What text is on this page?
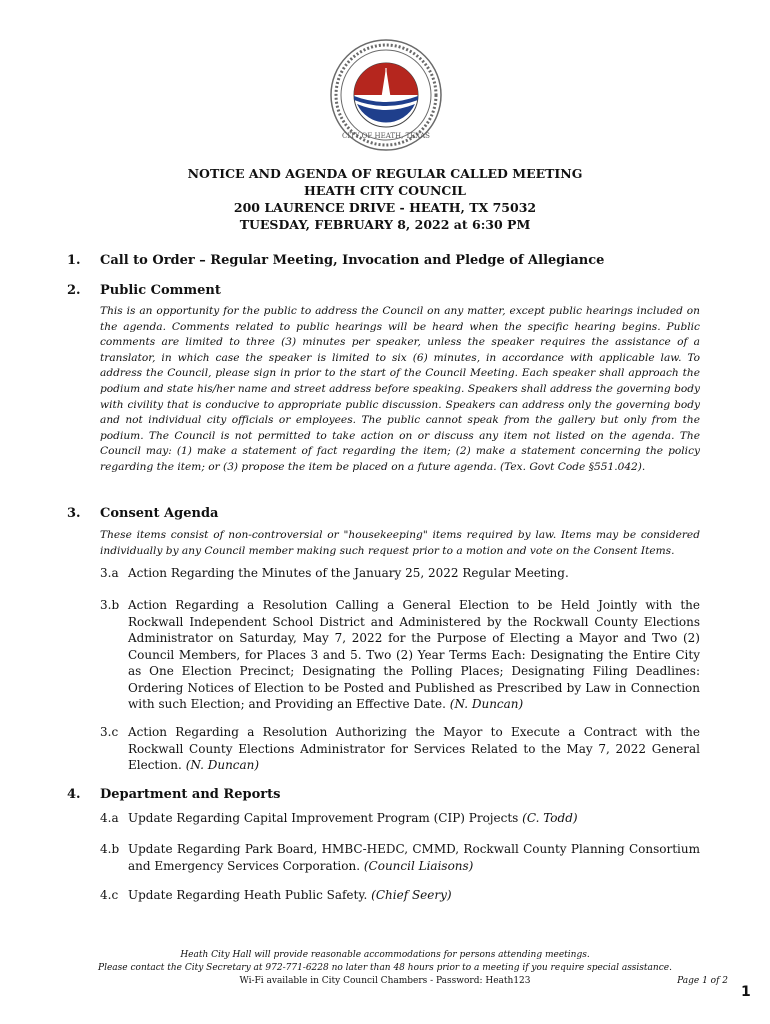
CITY OF HEATH, TEXAS
NOTICE AND AGENDA OF REGULAR CALLED MEETING
HEATH CITY COUNCIL
200 LAURENCE DRIVE - HEATH, TX 75032
TUESDAY, FEBRUARY 8, 2022 at 6:30 PM
1. Call to Order – Regular Meeting, Invocation and Pledge of Allegiance
2. Public Comment
This is an opportunity for the public to address the Council on any matter, except public hearings included on the agenda. Comments related to public hearings will be heard when the specific hearing begins. Public comments are limited to three (3) minutes per speaker, unless the speaker requires the assistance of a translator, in which case the speaker is limited to six (6) minutes, in accordance with applicable law. To address the Council, please sign in prior to the start of the Council Meeting. Each speaker shall approach the podium and state his/her name and street address before speaking. Speakers shall address the governing body with civility that is conducive to appropriate public discussion. Speakers can address only the governing body and not individual city officials or employees. The public cannot speak from the gallery but only from the podium. The Council is not permitted to take action on or discuss any item not listed on the agenda. The Council may: (1) make a statement of fact regarding the item; (2) make a statement concerning the policy regarding the item; or (3) propose the item be placed on a future agenda. (Tex. Govt Code §551.042).
3. Consent Agenda
These items consist of non-controversial or "housekeeping" items required by law. Items may be considered individually by any Council member making such request prior to a motion and vote on the Consent Items.
3.a Action Regarding the Minutes of the January 25, 2022 Regular Meeting.
3.b Action Regarding a Resolution Calling a General Election to be Held Jointly with the Rockwall Independent School District and Administered by the Rockwall County Elections Administrator on Saturday, May 7, 2022 for the Purpose of Electing a Mayor and Two (2) Council Members, for Places 3 and 5. Two (2) Year Terms Each: Designating the Entire City as One Election Precinct; Designating the Polling Places; Designating Filing Deadlines: Ordering Notices of Election to be Posted and Published as Prescribed by Law in Connection with such Election; and Providing an Effective Date. (N. Duncan)
3.c Action Regarding a Resolution Authorizing the Mayor to Execute a Contract with the Rockwall County Elections Administrator for Services Related to the May 7, 2022 General Election. (N. Duncan)
4. Department and Reports
4.a Update Regarding Capital Improvement Program (CIP) Projects (C. Todd)
4.b Update Regarding Park Board, HMBC-HEDC, CMMD, Rockwall County Planning Consortium and Emergency Services Corporation. (Council Liaisons)
4.c Update Regarding Heath Public Safety. (Chief Seery)
Heath City Hall will provide reasonable accommodations for persons attending meetings.
Please contact the City Secretary at 972-771-6228 no later than 48 hours prior to a meeting if you require special assistance.
Wi-Fi available in City Council Chambers - Password: Heath123	Page 1 of 2
1
